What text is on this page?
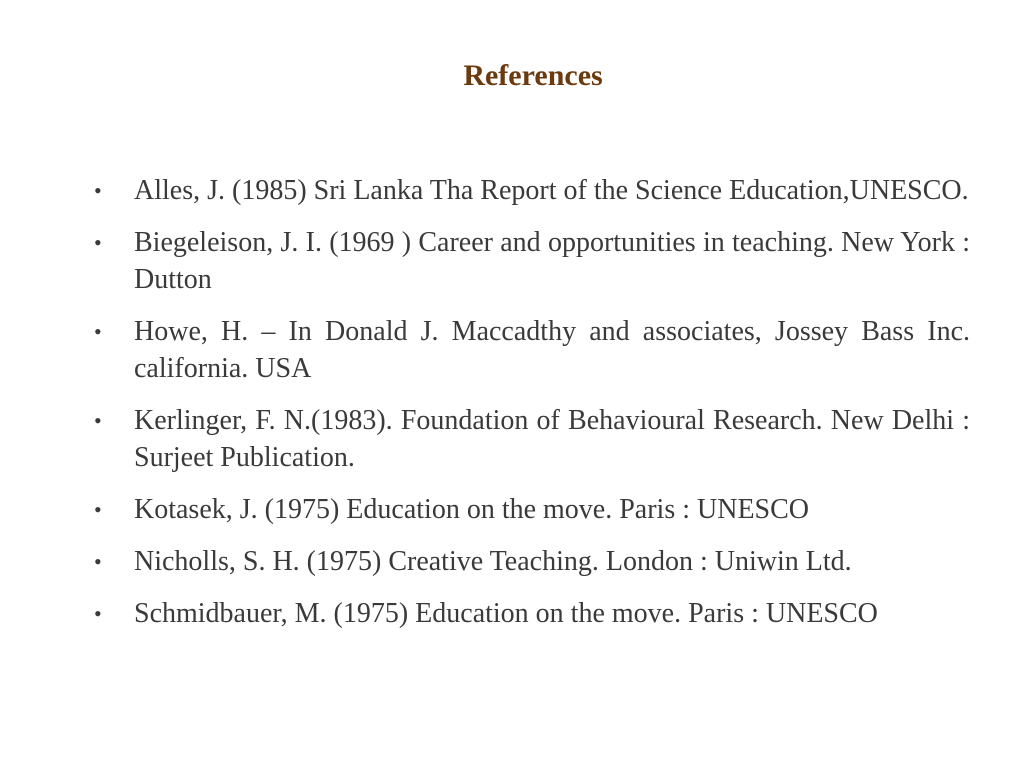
References
• Alles, J. (1985) Sri Lanka Tha Report of the Science Education,UNESCO.
• Biegeleison, J. I. (1969 ) Career and opportunities in teaching. New York : Dutton
• Howe, H. – In Donald J. Maccadthy and associates, Jossey Bass Inc. california. USA
• Kerlinger, F. N.(1983). Foundation of Behavioural Research. New Delhi : Surjeet Publication.
• Kotasek, J. (1975) Education on the move. Paris : UNESCO
• Nicholls, S. H. (1975) Creative Teaching. London : Uniwin Ltd.
• Schmidbauer, M. (1975) Education on the move. Paris : UNESCO
